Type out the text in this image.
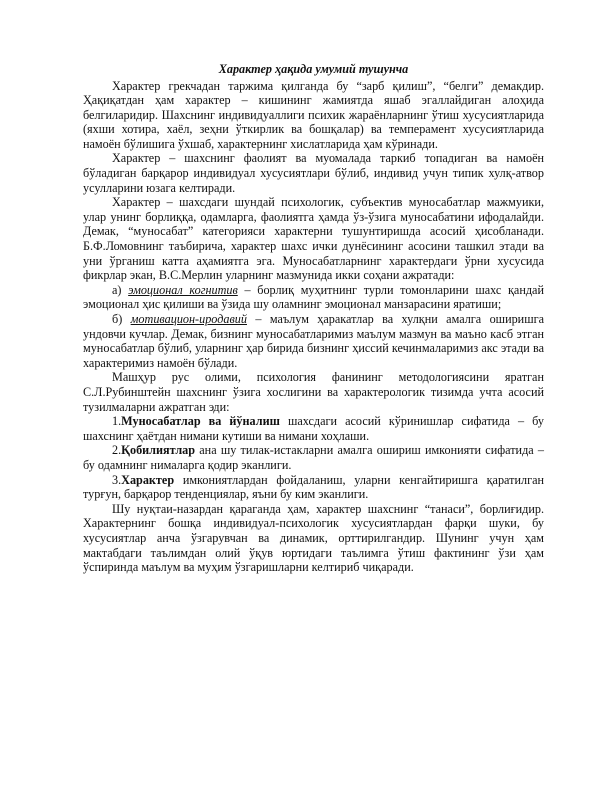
Характер ҳақида умумий тушунча

Характер грекчадан таржима қилганда бу “зарб қилиш”, “белги” демакдир. Ҳақиқатдан ҳам характер – кишининг жамиятда яшаб эгаллайдиган алоҳида белгиларидир. Шахснинг индивидуаллиги психик жараёнларнинг ўтиш хусусиятларида (яхши хотира, хаёл, зеҳни ўткирлик ва бошқалар) ва темперамент хусусиятларида намоён бўлишига ўхшаб, характернинг хислатларида ҳам кўринади.

Характер – шахснинг фаолият ва муомалада таркиб топадиган ва намоён бўладиган барқарор индивидуал хусусиятлари бўлиб, индивид учун типик хулқ-атвор усулларини юзага келтиради.

Характер – шахсдаги шундай психологик, субъектив муносабатлар мажмуики, улар унинг борлиққа, одамларга, фаолиятга ҳамда ўз-ўзига муносабатини ифодалайди. Демак, “муносабат” категорияси характерни тушунтиришда асосий ҳисобланади. Б.Ф.Ломовнинг таъбирича, характер шахс ички дунёсининг асосини ташкил этади ва уни ўрганиш катта аҳамиятга эга. Муносабатларнинг характердаги ўрни хусусида фикрлар экан, В.С.Мерлин уларнинг мазмунида икки соҳани ажратади:

а) эмоционал когнитив – борлиқ муҳитнинг турли томонларини шахс қандай эмоционал ҳис қилиши ва ўзида шу оламнинг эмоционал манзарасини яратиши;

б) мотивацион-иродавий – маълум ҳаракатлар ва хулқни амалга оширишга ундовчи кучлар. Демак, бизнинг муносабатларимиз маълум мазмун ва маъно касб этган муносабатлар бўлиб, уларнинг ҳар бирида бизнинг ҳиссий кечинмаларимиз акс этади ва характеримиз намоён бўлади.

Машҳур рус олими, психология фанининг методологиясини яратган С.Л.Рубинштейн шахснинг ўзига хослигини ва характерологик тизимда учта асосий тузилмаларни ажратган эди:

1.Муносабатлар ва йўналиш шахсдаги асосий кўринишлар сифатида – бу шахснинг ҳаётдан нимани кутиши ва нимани хоҳлаши.

2.Қобилиятлар ана шу тилак-истакларни амалга ошириш имконияти сифатида – бу одамнинг нималарга қодир эканлиги.

3.Характер имкониятлардан фойдаланиш, уларни кенгайтиришга қаратилган турғун, барқарор тенденциялар, яъни бу ким эканлиги.

Шу нуқтаи-назардан қараганда ҳам, характер шахснинг “танаси”, борлиғидир. Характернинг бошқа индивидуал-психологик хусусиятлардан фарқи шуки, бу хусусиятлар анча ўзгарувчан ва динамик, орттирилгандир. Шунинг учун ҳам мактабдаги таълимдан олий ўқув юртидаги таълимга ўтиш фактининг ўзи ҳам ўспиринда маълум ва муҳим ўзгаришларни келтириб чиқаради.
